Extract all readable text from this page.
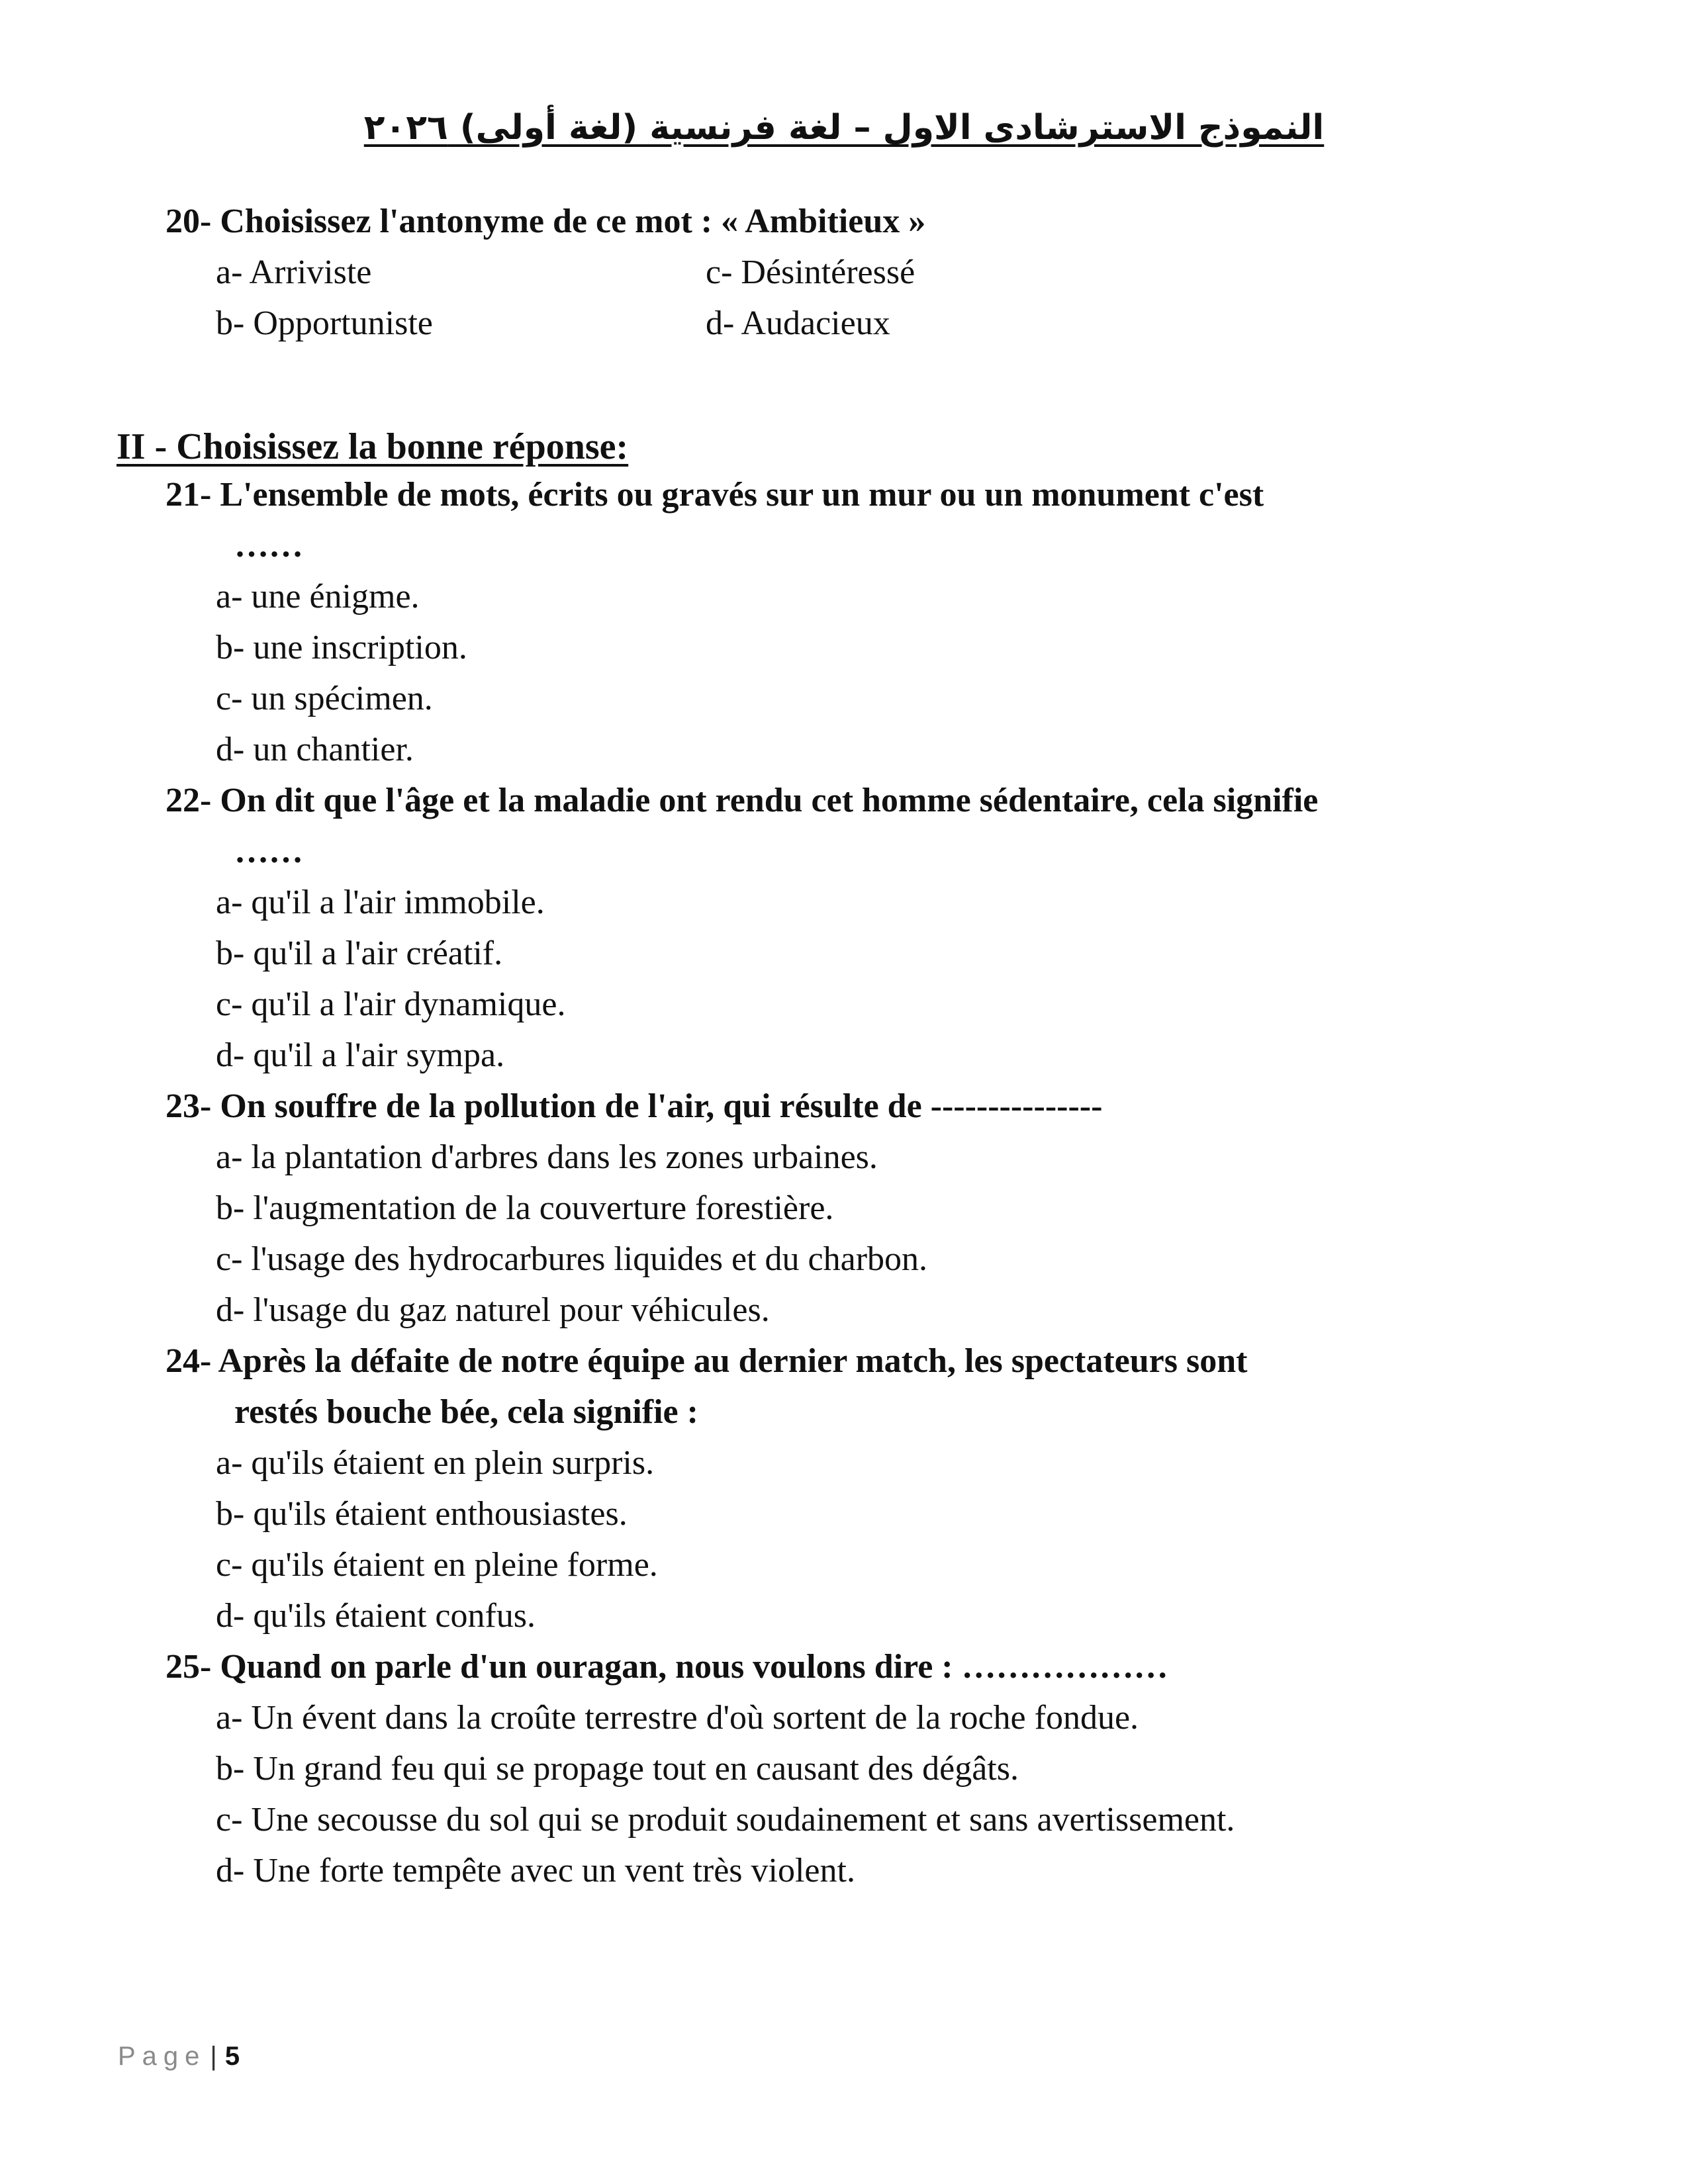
النموذج الاسترشادى الاول – لغة فرنسية (لغة أولى) ٢٠٢٦
20- Choisissez l'antonyme de ce mot : « Ambitieux »
a- Arriviste	c- Désintéressé
b- Opportuniste	d- Audacieux
II - Choisissez la bonne réponse:
21- L'ensemble de mots, écrits ou gravés sur un mur ou un monument c'est
……
a- une énigme.
b- une inscription.
c- un spécimen.
d- un chantier.
22- On dit que l'âge et la maladie ont rendu cet homme sédentaire, cela signifie
……
a- qu'il a l'air immobile.
b- qu'il a l'air créatif.
c- qu'il a l'air dynamique.
d- qu'il a l'air sympa.
23- On souffre de la pollution de l'air, qui résulte de ---------------
a- la plantation d'arbres dans les zones urbaines.
b- l'augmentation de la couverture forestière.
c- l'usage des hydrocarbures liquides et du charbon.
d- l'usage du gaz naturel pour véhicules.
24- Après la défaite de notre équipe au dernier match, les spectateurs sont
restés bouche bée, cela signifie :
a- qu'ils étaient en plein surpris.
b- qu'ils étaient enthousiastes.
c- qu'ils étaient en pleine forme.
d- qu'ils étaient confus.
25- Quand on parle d'un ouragan, nous voulons dire : ………………
a- Un évent dans la croûte terrestre d'où sortent de la roche fondue.
b- Un grand feu qui se propage tout en causant des dégâts.
c- Une secousse du sol qui se produit soudainement et sans avertissement.
d- Une forte tempête avec un vent très violent.
Page | 5
